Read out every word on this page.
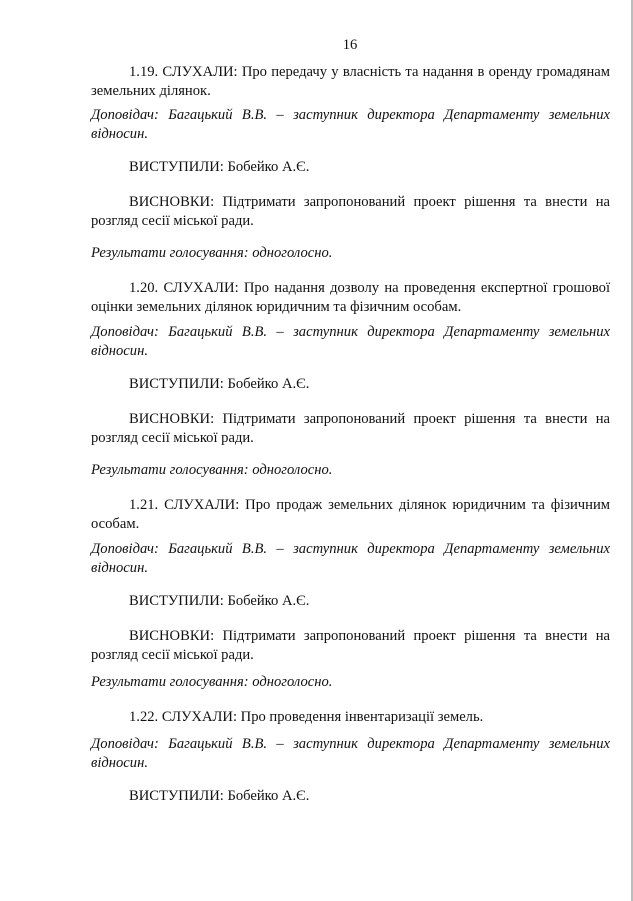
16

1.19. СЛУХАЛИ: Про передачу у власність та надання в оренду громадянам земельних ділянок.

Доповідач: Багацький В.В. – заступник директора Департаменту земельних відносин.

ВИСТУПИЛИ: Бобейко А.Є.

ВИСНОВКИ: Підтримати запропонований проект рішення та внести на розгляд сесії міської ради.

Результати голосування: одноголосно.

1.20. СЛУХАЛИ: Про надання дозволу на проведення експертної грошової оцінки земельних ділянок юридичним та фізичним особам.

Доповідач: Багацький В.В. – заступник директора Департаменту земельних відносин.

ВИСТУПИЛИ: Бобейко А.Є.

ВИСНОВКИ: Підтримати запропонований проект рішення та внести на розгляд сесії міської ради.

Результати голосування: одноголосно.

1.21. СЛУХАЛИ: Про продаж земельних ділянок юридичним та фізичним особам.

Доповідач: Багацький В.В. – заступник директора Департаменту земельних відносин.

ВИСТУПИЛИ: Бобейко А.Є.

ВИСНОВКИ: Підтримати запропонований проект рішення та внести на розгляд сесії міської ради.

Результати голосування: одноголосно.

1.22. СЛУХАЛИ: Про проведення інвентаризації земель.

Доповідач: Багацький В.В. – заступник директора Департаменту земельних відносин.

ВИСТУПИЛИ: Бобейко А.Є.
